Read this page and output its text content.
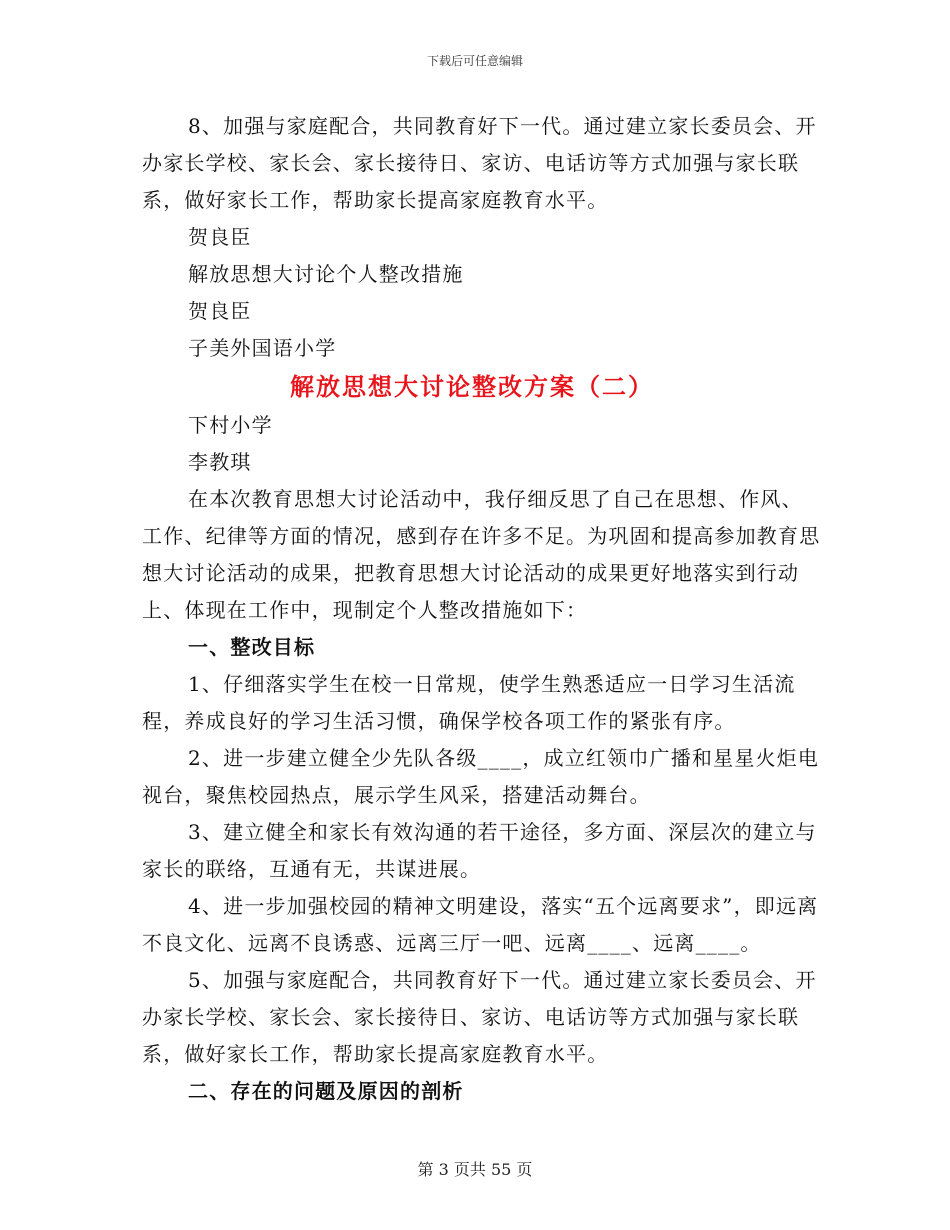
下载后可任意编辑

8、加强与家庭配合，共同教育好下一代。通过建立家长委员会、开办家长学校、家长会、家长接待日、家访、电话访等方式加强与家长联系，做好家长工作，帮助家长提高家庭教育水平。

贺良臣

解放思想大讨论个人整改措施

贺良臣

子美外国语小学

解放思想大讨论整改方案（二）

下村小学

李教琪

在本次教育思想大讨论活动中，我仔细反思了自己在思想、作风、工作、纪律等方面的情况，感到存在许多不足。为巩固和提高参加教育思想大讨论活动的成果，把教育思想大讨论活动的成果更好地落实到行动上、体现在工作中，现制定个人整改措施如下：

一、整改目标

1、仔细落实学生在校一日常规，使学生熟悉适应一日学习生活流程，养成良好的学习生活习惯，确保学校各项工作的紧张有序。

2、进一步建立健全少先队各级____，成立红领巾广播和星星火炬电视台，聚焦校园热点，展示学生风采，搭建活动舞台。

3、建立健全和家长有效沟通的若干途径，多方面、深层次的建立与家长的联络，互通有无，共谋进展。

4、进一步加强校园的精神文明建设，落实“五个远离要求”，即远离不良文化、远离不良诱惑、远离三厅一吧、远离____、远离____。

5、加强与家庭配合，共同教育好下一代。通过建立家长委员会、开办家长学校、家长会、家长接待日、家访、电话访等方式加强与家长联系，做好家长工作，帮助家长提高家庭教育水平。

二、存在的问题及原因的剖析

第 3 页共 55 页
